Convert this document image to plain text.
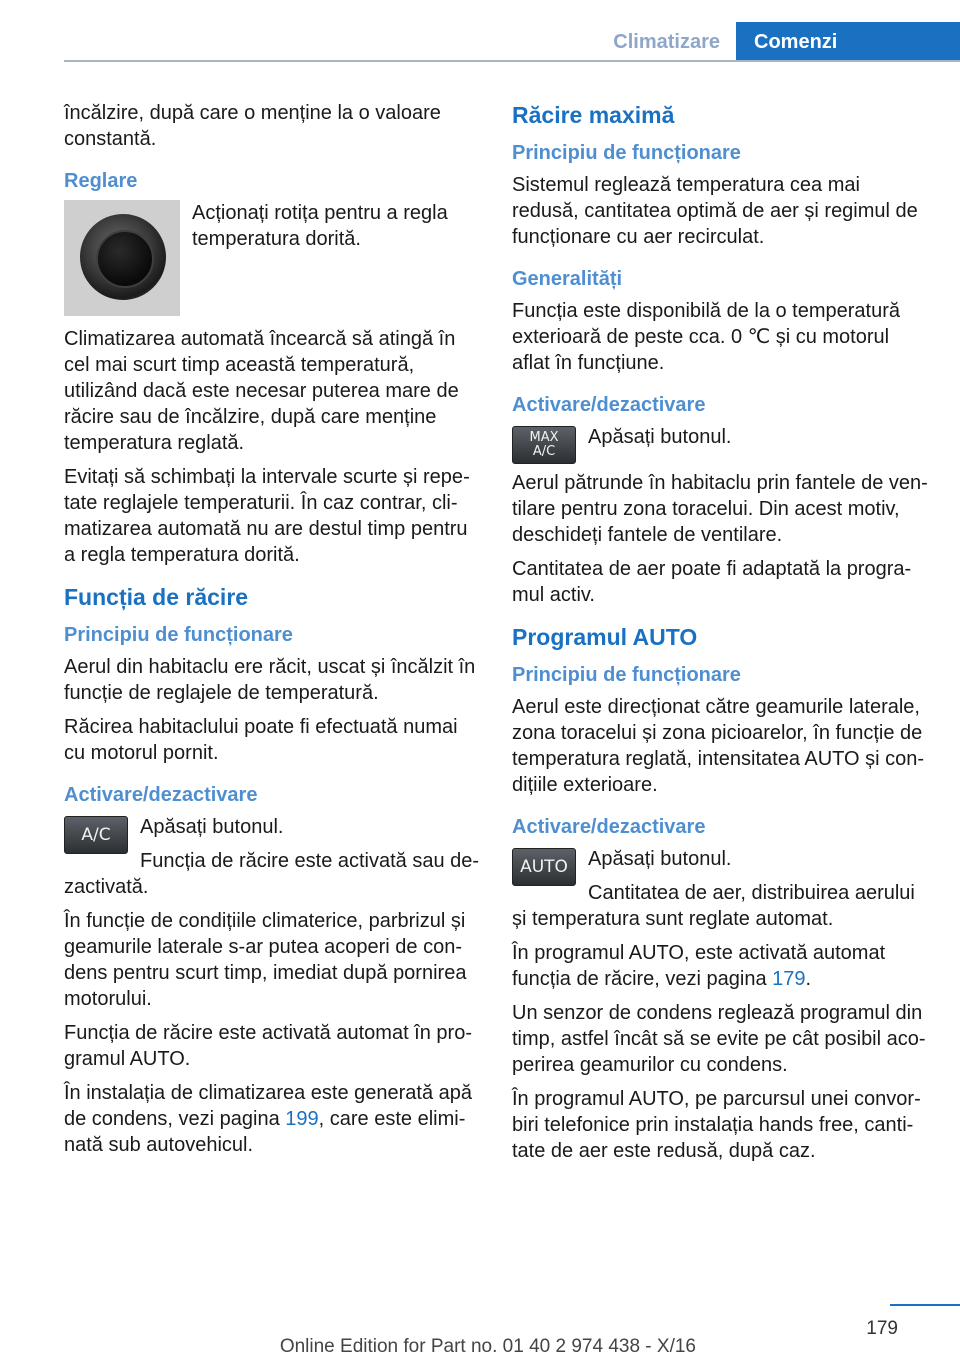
Climatizare	Comenzi

încălzire, după care o menține la o valoare constantă.

Reglare

Acționați rotița pentru a regla temperatura dorită.

Climatizarea automată încearcă să atingă în cel mai scurt timp această temperatură, utilizând dacă este necesar puterea mare de răcire sau de încălzire, după care menține temperatura reglată.

Evitați să schimbați la intervale scurte și repetate reglajele temperaturii. În caz contrar, climatizarea automată nu are destul timp pentru a regla temperatura dorită.

Funcția de răcire
Principiu de funcționare

Aerul din habitaclu ere răcit, uscat și încălzit în funcție de reglajele de temperatură.

Răcirea habitaclului poate fi efectuată numai cu motorul pornit.

Activare/dezactivare
A/C	Apăsați butonul.

Funcția de răcire este activată sau dezactivată.

În funcție de condițiile climaterice, parbrizul și geamurile laterale s-ar putea acoperi de condens pentru scurt timp, imediat după pornirea motorului.

Funcția de răcire este activată automat în programul AUTO.

În instalația de climatizarea este generată apă de condens, vezi pagina 199, care este eliminată sub autovehicul.

Răcire maximă
Principiu de funcționare

Sistemul reglează temperatura cea mai redusă, cantitatea optimă de aer și regimul de funcționare cu aer recirculat.

Generalități

Funcția este disponibilă de la o temperatură exterioară de peste cca. 0 ℃ și cu motorul aflat în funcțiune.

Activare/dezactivare
MAX
A/C

Apăsați butonul.

Aerul pătrunde în habitaclu prin fantele de ventilare pentru zona toracelui. Din acest motiv, deschideți fantele de ventilare.

Cantitatea de aer poate fi adaptată la programul activ.

Programul AUTO
Principiu de funcționare

Aerul este direcționat către geamurile laterale, zona toracelui și zona picioarelor, în funcție de temperatura reglată, intensitatea AUTO și condițiile exterioare.

Activare/dezactivare
AUTO	Apăsați butonul.

Cantitatea de aer, distribuirea aerului și temperatura sunt reglate automat.

În programul AUTO, este activată automat funcția de răcire, vezi pagina 179.

Un senzor de condens reglează programul din timp, astfel încât să se evite pe cât posibil acoperirea geamurilor cu condens.

În programul AUTO, pe parcursul unei convorbiri telefonice prin instalația hands free, cantitate de aer este redusă, după caz.

179
Online Edition for Part no. 01 40 2 974 438 - X/16
